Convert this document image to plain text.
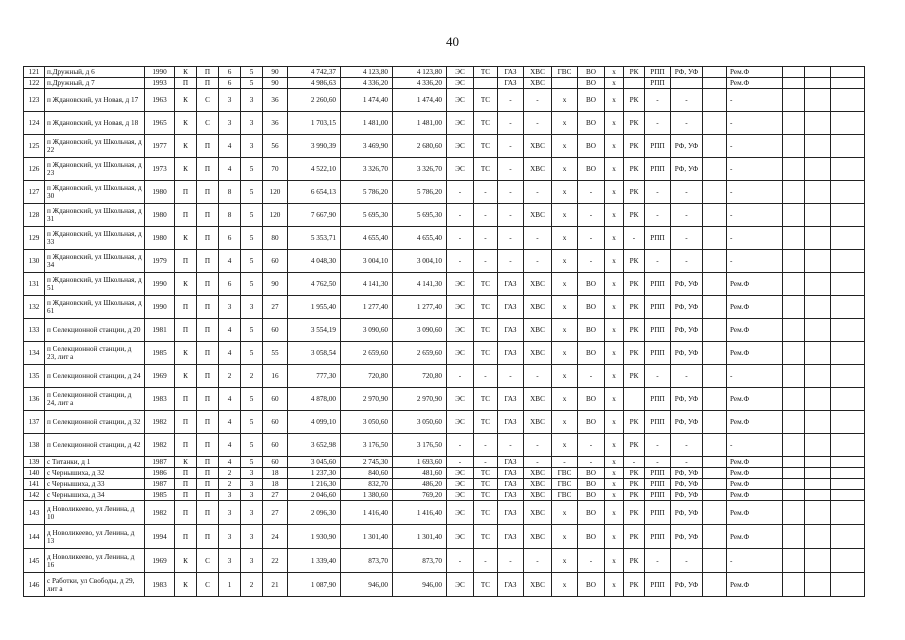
40
121	п.Дружный, д 6	1990	К	П	6	5	90	4 742,37	4 123,80	4 123,80	ЭС	ТС	ГАЗ	ХВС	ГВС	ВО	х	РК	РПП	РФ, УФ		Рем.Ф			
122	п.Дружный, д 7	1993	П	П	6	5	90	4 986,63	4 336,20	4 336,20	ЭС		ГАЗ	ХВС		ВО	х		РПП			Рем.Ф			
123	п Ждановский, ул Новая, д 17	1963	К	С	3	3	36	2 260,60	1 474,40	1 474,40	ЭС	ТС	-	-	х	ВО	х	РК	-	-		-			
124	п Ждановский, ул Новая, д 18	1965	К	С	3	3	36	1 703,15	1 481,00	1 481,00	ЭС	ТС	-	-	х	ВО	х	РК	-	-		-			
125	п Ждановский, ул Школьная, д 22	1977	К	П	4	3	56	3 990,39	3 469,90	2 680,60	ЭС	ТС	-	ХВС	х	ВО	х	РК	РПП	РФ, УФ		-			
126	п Ждановский, ул Школьная, д 23	1973	К	П	4	5	70	4 522,10	3 326,70	3 326,70	ЭС	ТС	-	ХВС	х	ВО	х	РК	РПП	РФ, УФ		-			
127	п Ждановский, ул Школьная, д 30	1980	П	П	8	5	120	6 654,13	5 786,20	5 786,20	-	-	-	-	х	-	х	РК	-	-		-			
128	п Ждановский, ул Школьная, д 31	1980	П	П	8	5	120	7 667,90	5 695,30	5 695,30	-	-	-	ХВС	х	-	х	РК	-	-		-			
129	п Ждановский, ул Школьная, д 33	1980	К	П	6	5	80	5 353,71	4 655,40	4 655,40	-	-	-	-	х	-	х	-	РПП	-		-			
130	п Ждановский, ул Школьная, д 34	1979	П	П	4	5	60	4 048,30	3 004,10	3 004,10	-	-	-	-	х	-	х	РК	-	-		-			
131	п Ждановский, ул Школьная, д 51	1990	К	П	6	5	90	4 762,50	4 141,30	4 141,30	ЭС	ТС	ГАЗ	ХВС	х	ВО	х	РК	РПП	РФ, УФ		Рем.Ф			
132	п Ждановский, ул Школьная, д 61	1990	П	П	3	3	27	1 955,40	1 277,40	1 277,40	ЭС	ТС	ГАЗ	ХВС	х	ВО	х	РК	РПП	РФ, УФ		Рем.Ф			
133	п Селекционной станции, д 20	1981	П	П	4	5	60	3 554,19	3 090,60	3 090,60	ЭС	ТС	ГАЗ	ХВС	х	ВО	х	РК	РПП	РФ, УФ		Рем.Ф			
134	п Селекционной станции, д 23, лит а	1985	К	П	4	5	55	3 058,54	2 659,60	2 659,60	ЭС	ТС	ГАЗ	ХВС	х	ВО	х	РК	РПП	РФ, УФ		Рем.Ф			
135	п Селекционной станции, д 24	1969	К	П	2	2	16	777,30	720,80	720,80	-	-	-	-	х	-	х	РК	-	-		-			
136	п Селекционной станции, д 24, лит а	1983	П	П	4	5	60	4 878,00	2 970,90	2 970,90	ЭС	ТС	ГАЗ	ХВС	х	ВО	х		РПП	РФ, УФ		Рем.Ф			
137	п Селекционной станции, д 32	1982	П	П	4	5	60	4 099,10	3 050,60	3 050,60	ЭС	ТС	ГАЗ	ХВС	х	ВО	х	РК	РПП	РФ, УФ		Рем.Ф			
138	п Селекционной станции, д 42	1982	П	П	4	5	60	3 652,98	3 176,50	3 176,50	-	-	-	-	х	-	х	РК	-	-		-			
139	с Титанки, д 1	1987	К	П	4	5	60	3 045,60	2 745,30	1 693,60	-	-	ГАЗ	-	-	-	х	-	-	-		Рем.Ф			
140	с Чернышиха, д 32	1986	П	П	2	3	18	1 237,30	840,60	481,60	ЭС	ТС	ГАЗ	ХВС	ГВС	ВО	х	РК	РПП	РФ, УФ		Рем.Ф			
141	с Чернышиха, д 33	1987	П	П	2	3	18	1 216,30	832,70	486,20	ЭС	ТС	ГАЗ	ХВС	ГВС	ВО	х	РК	РПП	РФ, УФ		Рем.Ф			
142	с Чернышиха, д 34	1985	П	П	3	3	27	2 046,60	1 380,60	769,20	ЭС	ТС	ГАЗ	ХВС	ГВС	ВО	х	РК	РПП	РФ, УФ		Рем.Ф			
143	д Новоликеево, ул Ленина, д 10	1982	П	П	3	3	27	2 096,30	1 416,40	1 416,40	ЭС	ТС	ГАЗ	ХВС	х	ВО	х	РК	РПП	РФ, УФ		Рем.Ф			
144	д Новоликеево, ул Ленина, д 13	1994	П	П	3	3	24	1 930,90	1 301,40	1 301,40	ЭС	ТС	ГАЗ	ХВС	х	ВО	х	РК	РПП	РФ, УФ		Рем.Ф			
145	д Новоликеево, ул Ленина, д 16	1969	К	С	3	3	22	1 339,40	873,70	873,70	-	-	-	-	х	-	х	РК	-	-		-			
146	с Работки, ул Свободы, д 29, лит а	1983	К	С	1	2	21	1 087,90	946,00	946,00	ЭС	ТС	ГАЗ	ХВС	х	ВО	х	РК	РПП	РФ, УФ		Рем.Ф			
